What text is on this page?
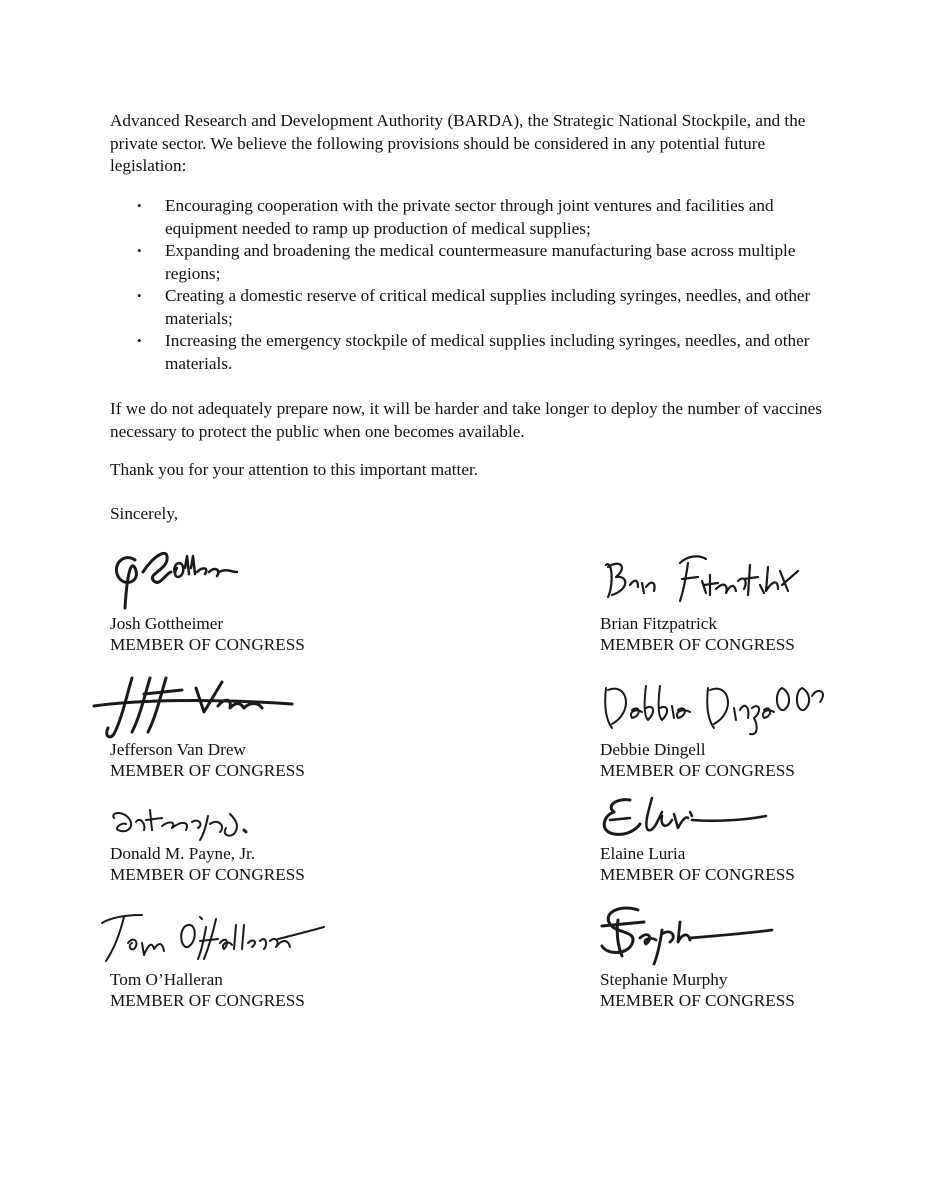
Advanced Research and Development Authority (BARDA), the Strategic National Stockpile, and the private sector. We believe the following provisions should be considered in any potential future legislation:

• Encouraging cooperation with the private sector through joint ventures and facilities and equipment needed to ramp up production of medical supplies;
• Expanding and broadening the medical countermeasure manufacturing base across multiple regions;
• Creating a domestic reserve of critical medical supplies including syringes, needles, and other materials;
• Increasing the emergency stockpile of medical supplies including syringes, needles, and other materials.

If we do not adequately prepare now, it will be harder and take longer to deploy the number of vaccines necessary to protect the public when one becomes available.

Thank you for your attention to this important matter.

Sincerely,

Josh Gottheimer
MEMBER OF CONGRESS
Brian Fitzpatrick
MEMBER OF CONGRESS
Jefferson Van Drew
MEMBER OF CONGRESS
Debbie Dingell
MEMBER OF CONGRESS
Donald M. Payne, Jr.
MEMBER OF CONGRESS
Elaine Luria
MEMBER OF CONGRESS
Tom O’Halleran
MEMBER OF CONGRESS
Stephanie Murphy
MEMBER OF CONGRESS
